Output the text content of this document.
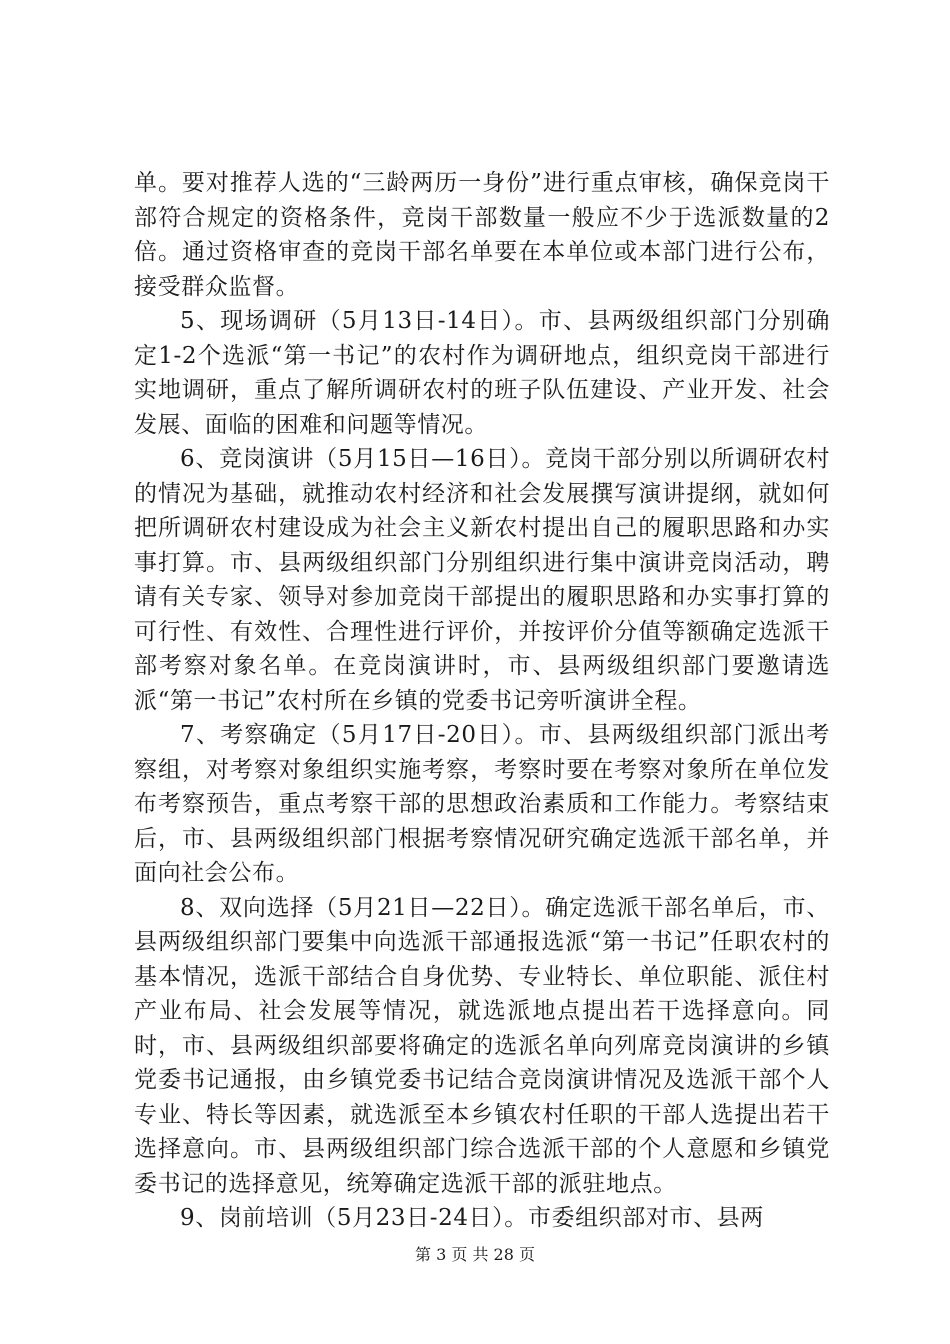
单。要对推荐人选的“三龄两历一身份”进行重点审核，确保竞岗干部符合规定的资格条件，竞岗干部数量一般应不少于选派数量的2倍。通过资格审查的竞岗干部名单要在本单位或本部门进行公布，接受群众监督。

5、现场调研（5月13日-14日）。市、县两级组织部门分别确定1-2个选派“第一书记”的农村作为调研地点，组织竞岗干部进行实地调研，重点了解所调研农村的班子队伍建设、产业开发、社会发展、面临的困难和问题等情况。

6、竞岗演讲（5月15日—16日）。竞岗干部分别以所调研农村的情况为基础，就推动农村经济和社会发展撰写演讲提纲，就如何把所调研农村建设成为社会主义新农村提出自己的履职思路和办实事打算。市、县两级组织部门分别组织进行集中演讲竞岗活动，聘请有关专家、领导对参加竞岗干部提出的履职思路和办实事打算的可行性、有效性、合理性进行评价，并按评价分值等额确定选派干部考察对象名单。在竞岗演讲时，市、县两级组织部门要邀请选派“第一书记”农村所在乡镇的党委书记旁听演讲全程。

7、考察确定（5月17日-20日）。市、县两级组织部门派出考察组，对考察对象组织实施考察，考察时要在考察对象所在单位发布考察预告，重点考察干部的思想政治素质和工作能力。考察结束后，市、县两级组织部门根据考察情况研究确定选派干部名单，并面向社会公布。

8、双向选择（5月21日—22日）。确定选派干部名单后，市、县两级组织部门要集中向选派干部通报选派“第一书记”任职农村的基本情况，选派干部结合自身优势、专业特长、单位职能、派住村产业布局、社会发展等情况，就选派地点提出若干选择意向。同时，市、县两级组织部要将确定的选派名单向列席竞岗演讲的乡镇党委书记通报，由乡镇党委书记结合竞岗演讲情况及选派干部个人专业、特长等因素，就选派至本乡镇农村任职的干部人选提出若干选择意向。市、县两级组织部门综合选派干部的个人意愿和乡镇党委书记的选择意见，统筹确定选派干部的派驻地点。

9、岗前培训（5月23日-24日）。市委组织部对市、县两

第 3 页 共 28 页
